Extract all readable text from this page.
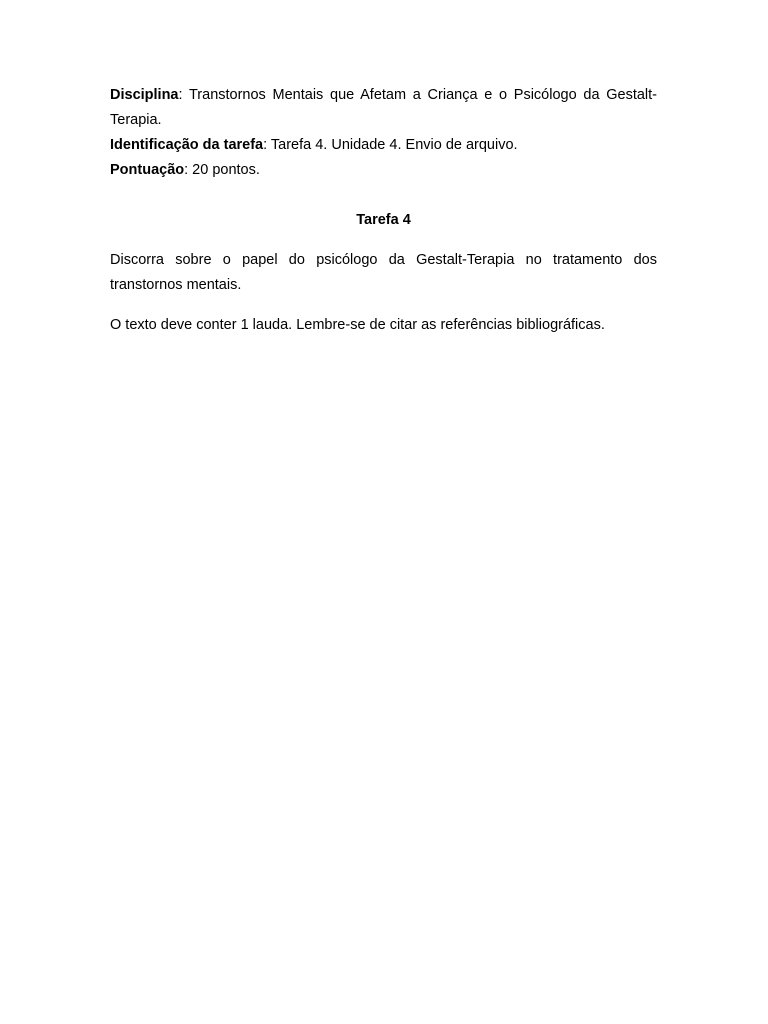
Disciplina: Transtornos Mentais que Afetam a Criança e o Psicólogo da Gestalt-Terapia.

Identificação da tarefa: Tarefa 4. Unidade 4. Envio de arquivo.

Pontuação: 20 pontos.

Tarefa 4

Discorra sobre o papel do psicólogo da Gestalt-Terapia no tratamento dos transtornos mentais.

O texto deve conter 1 lauda. Lembre-se de citar as referências bibliográficas.
